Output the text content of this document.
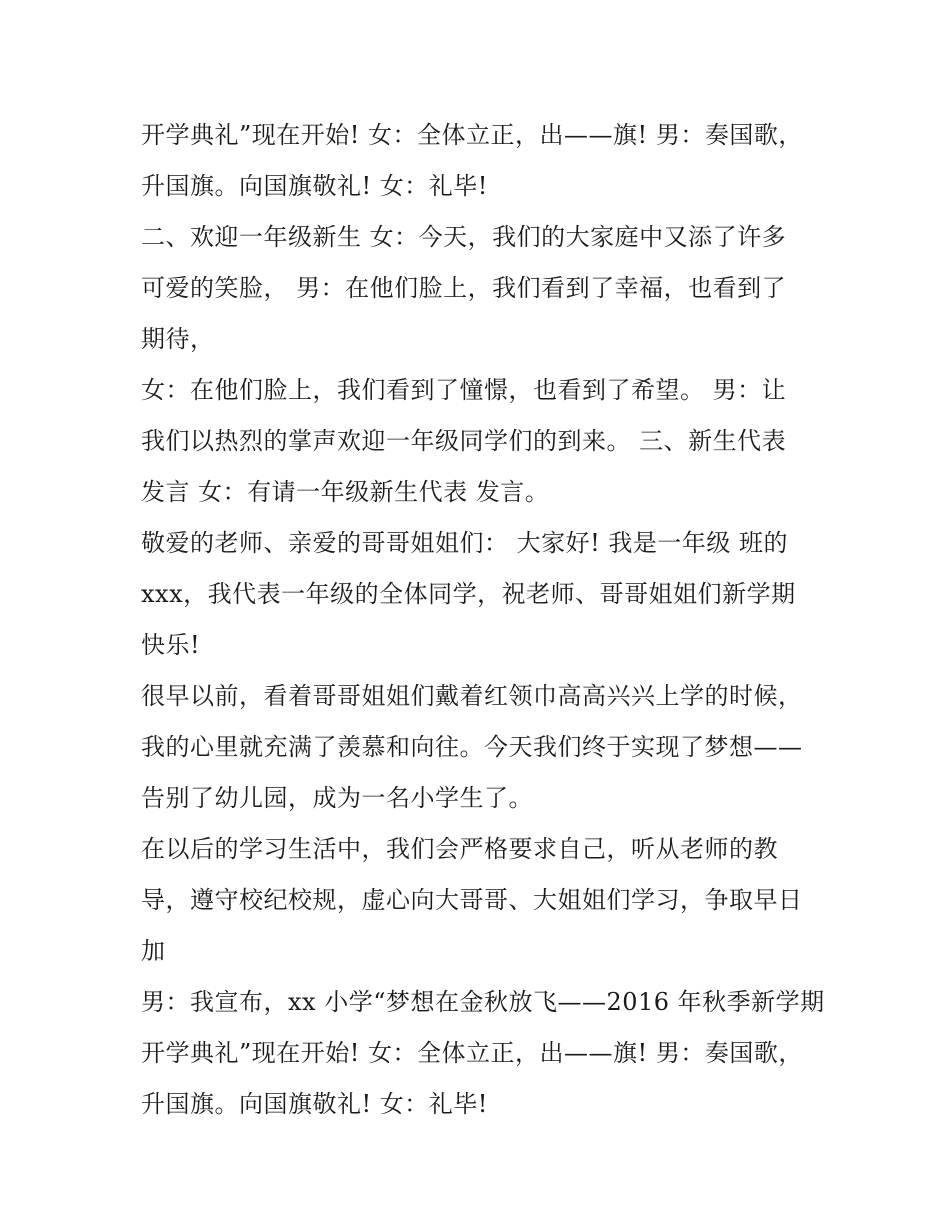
开学典礼”现在开始! 女：全体立正，出——旗! 男：奏国歌，
升国旗。向国旗敬礼! 女：礼毕!
二、欢迎一年级新生 女：今天，我们的大家庭中又添了许多
可爱的笑脸， 男：在他们脸上，我们看到了幸福，也看到了
期待，
女：在他们脸上，我们看到了憧憬，也看到了希望。 男：让
我们以热烈的掌声欢迎一年级同学们的到来。 三、新生代表
发言 女：有请一年级新生代表 发言。
敬爱的老师、亲爱的哥哥姐姐们： 大家好! 我是一年级 班的
xxx，我代表一年级的全体同学，祝老师、哥哥姐姐们新学期
快乐!
很早以前，看着哥哥姐姐们戴着红领巾高高兴兴上学的时候，
我的心里就充满了羡慕和向往。今天我们终于实现了梦想——
告别了幼儿园，成为一名小学生了。
在以后的学习生活中，我们会严格要求自己，听从老师的教
导，遵守校纪校规，虚心向大哥哥、大姐姐们学习，争取早日
加
男：我宣布，xx 小学“梦想在金秋放飞——2016 年秋季新学期
开学典礼”现在开始! 女：全体立正，出——旗! 男：奏国歌，
升国旗。向国旗敬礼! 女：礼毕!
